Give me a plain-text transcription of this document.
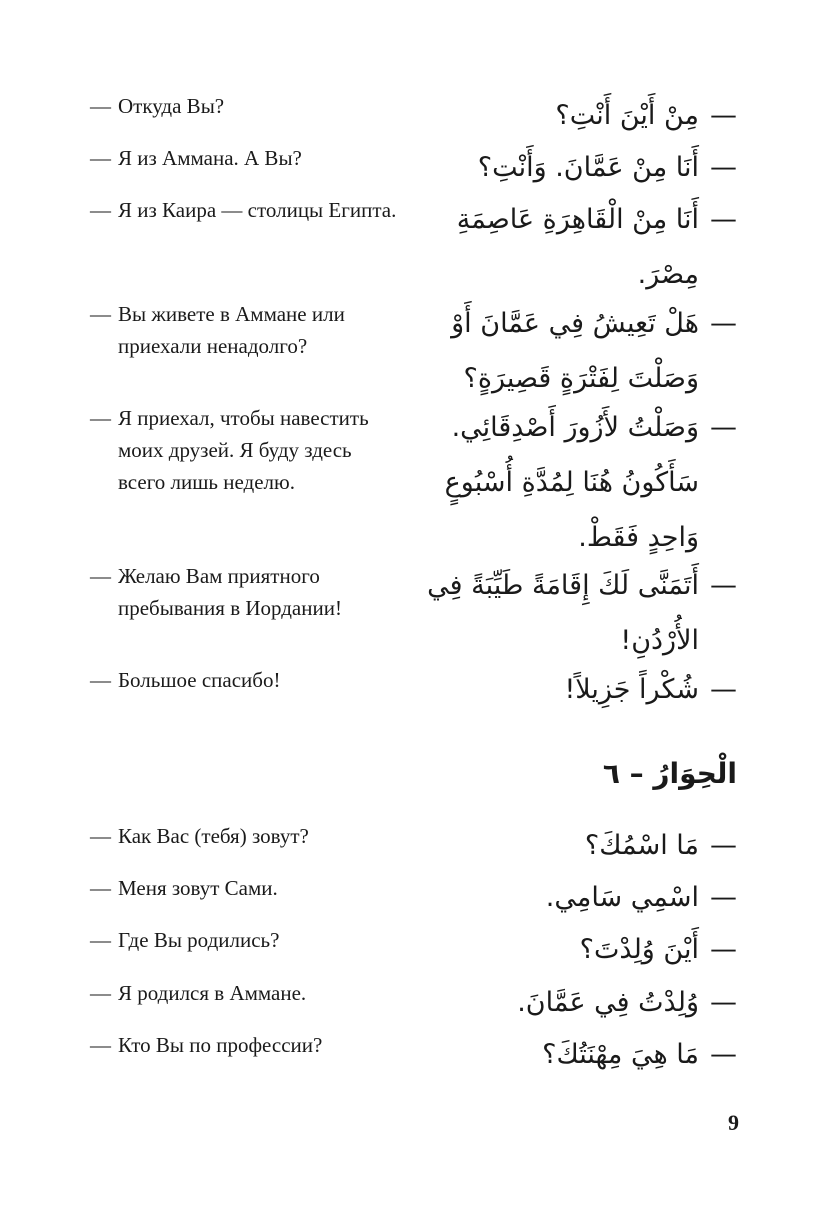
—
مِنْ أَيْنَ أَنْتِ؟
— Откуда Вы?
—
أَنَا مِنْ عَمَّانَ. وَأَنْتِ؟
— Я из Аммана. А Вы?
—
أَنَا مِنْ الْقَاهِرَةِ عَاصِمَةِ مِصْرَ.
— Я из Каира — столицы Египта.
—
هَلْ تَعِيشُ فِي عَمَّانَ أَوْ وَصَلْتَ لِفَتْرَةٍ قَصِيرَةٍ؟
— Вы живете в Аммане или приехали ненадолго?
—
وَصَلْتُ لأَزُورَ أَصْدِقَائِي. سَأَكُونُ هُنَا لِمُدَّةِ أُسْبُوعٍ وَاحِدٍ فَقَطْ.
— Я приехал, чтобы навестить моих друзей. Я буду здесь всего лишь неделю.
—
أَتَمَنَّى لَكَ إِقَامَةً طَيِّبَةً فِي الأُرْدُنِ!
— Желаю Вам приятного пребывания в Иордании!
—
شُكْراً جَزِيلاً!
— Большое спасибо!
الْحِوَارُ – ٦
—
مَا اسْمُكَ؟
— Как Вас (тебя) зовут?
—
اسْمِي سَامِي.
— Меня зовут Сами.
—
أَيْنَ وُلِدْتَ؟
— Где Вы родились?
—
وُلِدْتُ فِي عَمَّانَ.
— Я родился в Аммане.
—
مَا هِيَ مِهْنَتُكَ؟
— Кто Вы по профессии?
9
